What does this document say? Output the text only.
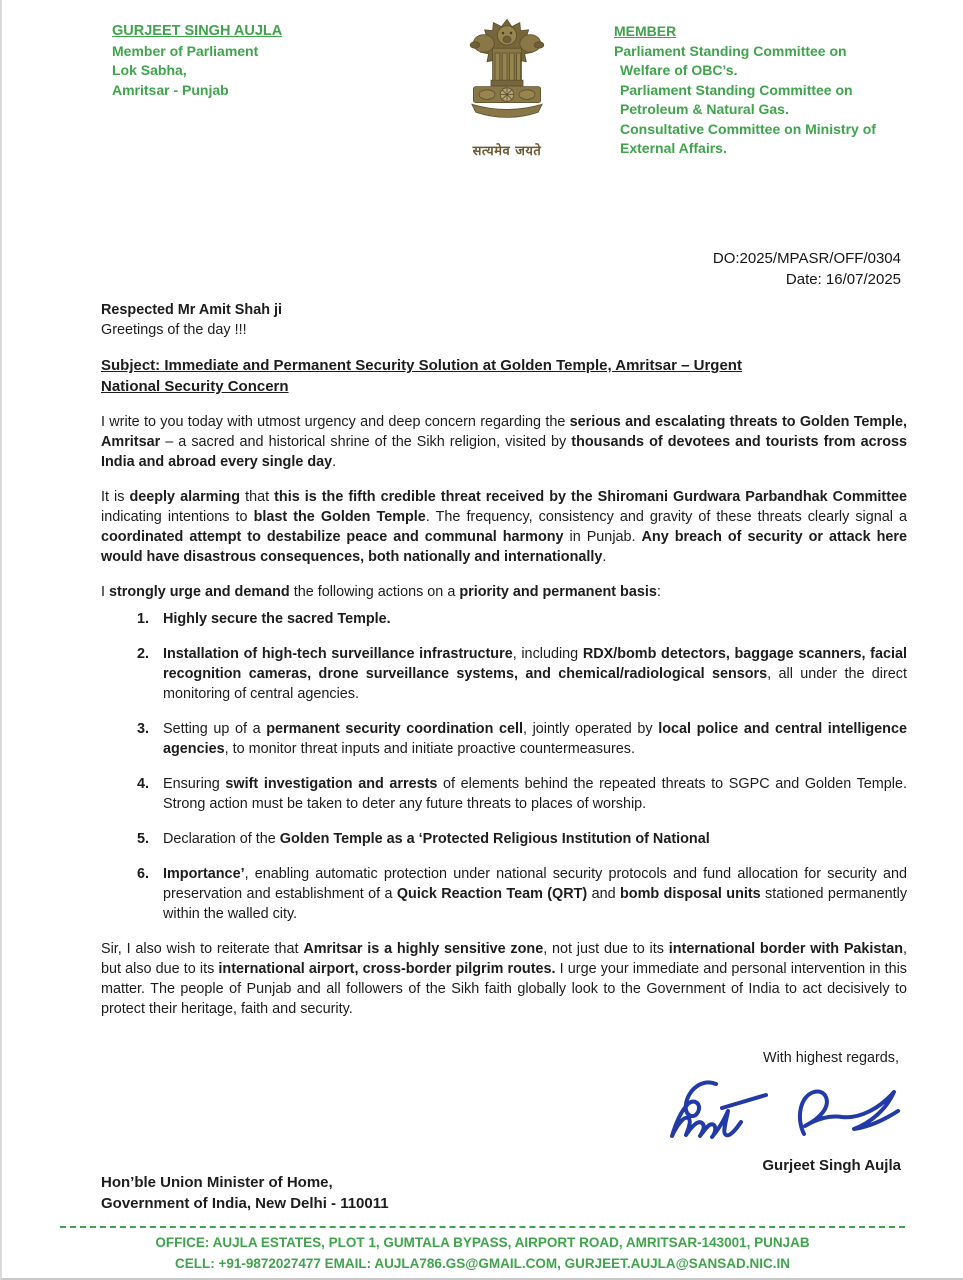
GURJEET SINGH AUJLA
Member of Parliament
Lok Sabha,
Amritsar - Punjab
सत्यमेव जयते
MEMBER
Parliament Standing Committee on
Welfare of OBC’s.
Parliament Standing Committee on
Petroleum & Natural Gas.
Consultative Committee on Ministry of
External Affairs.
DO:2025/MPASR/OFF/0304
Date: 16/07/2025
Respected Mr Amit Shah ji
Greetings of the day !!!
Subject: Immediate and Permanent Security Solution at Golden Temple, Amritsar – Urgent
National Security Concern

I write to you today with utmost urgency and deep concern regarding the serious and escalating threats to Golden Temple, Amritsar – a sacred and historical shrine of the Sikh religion, visited by thousands of devotees and tourists from across India and abroad every single day.

It is deeply alarming that this is the fifth credible threat received by the Shiromani Gurdwara Parbandhak Committee indicating intentions to blast the Golden Temple. The frequency, consistency and gravity of these threats clearly signal a coordinated attempt to destabilize peace and communal harmony in Punjab. Any breach of security or attack here would have disastrous consequences, both nationally and internationally.

I strongly urge and demand the following actions on a priority and permanent basis:

1. Highly secure the sacred Temple.
2. Installation of high-tech surveillance infrastructure, including RDX/bomb detectors, baggage scanners, facial recognition cameras, drone surveillance systems, and chemical/radiological sensors, all under the direct monitoring of central agencies.
3. Setting up of a permanent security coordination cell, jointly operated by local police and central intelligence agencies, to monitor threat inputs and initiate proactive countermeasures.
4. Ensuring swift investigation and arrests of elements behind the repeated threats to SGPC and Golden Temple. Strong action must be taken to deter any future threats to places of worship.
5. Declaration of the Golden Temple as a ‘Protected Religious Institution of National
6. Importance’, enabling automatic protection under national security protocols and fund allocation for security and preservation and establishment of a Quick Reaction Team (QRT) and bomb disposal units stationed permanently within the walled city.

Sir, I also wish to reiterate that Amritsar is a highly sensitive zone, not just due to its international border with Pakistan, but also due to its international airport, cross-border pilgrim routes. I urge your immediate and personal intervention in this matter. The people of Punjab and all followers of the Sikh faith globally look to the Government of India to act decisively to protect their heritage, faith and security.

With highest regards,
Gurjeet Singh Aujla
Hon’ble Union Minister of Home,
Government of India, New Delhi - 110011
OFFICE: AUJLA ESTATES, PLOT 1, GUMTALA BYPASS, AIRPORT ROAD, AMRITSAR-143001, PUNJAB
CELL: +91-9872027477 EMAIL: AUJLA786.GS@GMAIL.COM, GURJEET.AUJLA@SANSAD.NIC.IN
